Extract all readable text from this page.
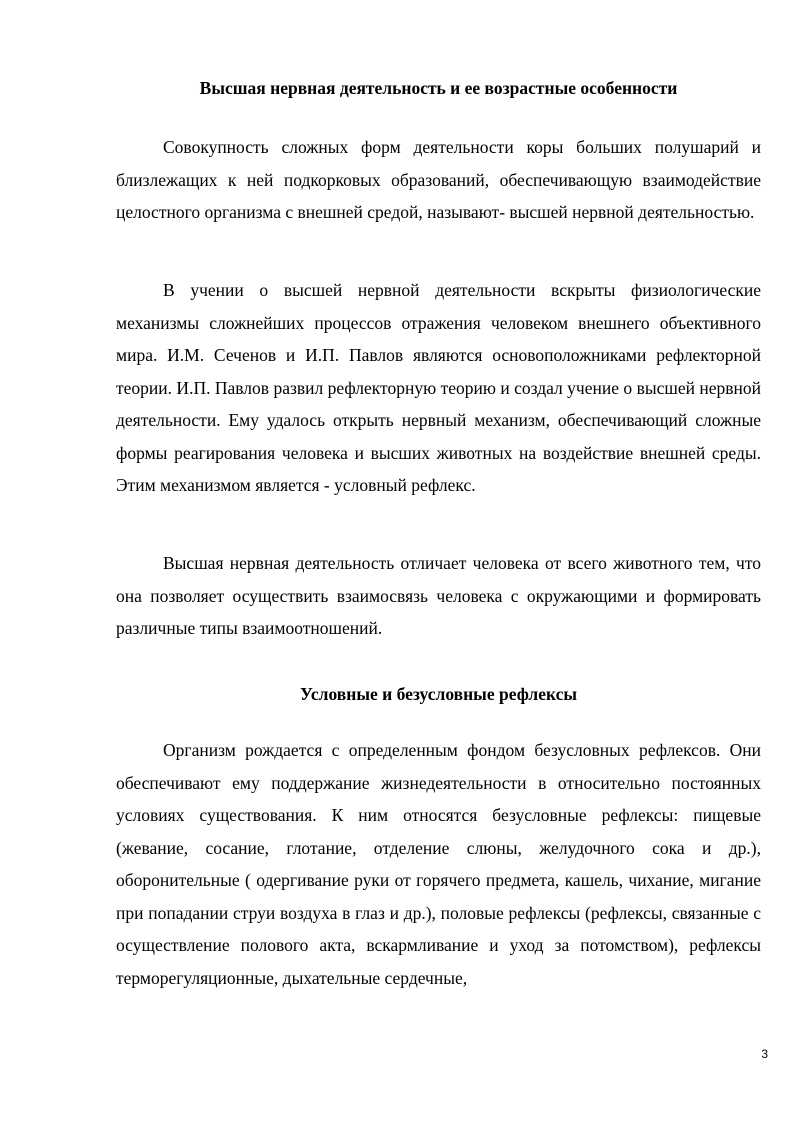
Высшая нервная деятельность и ее возрастные особенности

Совокупность сложных форм деятельности коры больших полушарий и близлежащих к ней подкорковых образований, обеспечивающую взаимодействие целостного организма с внешней средой, называют- высшей нервной деятельностью.

В учении о высшей нервной деятельности вскрыты физиологические механизмы сложнейших процессов отражения человеком внешнего объективного мира. И.М. Сеченов и И.П. Павлов являются основоположниками рефлекторной теории. И.П. Павлов развил рефлекторную теорию и создал учение о высшей нервной деятельности. Ему удалось открыть нервный механизм, обеспечивающий сложные формы реагирования человека и высших животных на воздействие внешней среды. Этим механизмом является - условный рефлекс.

Высшая нервная деятельность отличает человека от всего животного тем, что она позволяет осуществить взаимосвязь человека с окружающими и формировать различные типы взаимоотношений.

Условные и безусловные рефлексы

Организм рождается с определенным фондом безусловных рефлексов. Они обеспечивают ему поддержание жизнедеятельности в относительно постоянных условиях существования. К ним относятся безусловные рефлексы: пищевые (жевание, сосание, глотание, отделение слюны, желудочного сока и др.), оборонительные ( одергивание руки от горячего предмета, кашель, чихание, мигание при попадании струи воздуха в глаз и др.), половые рефлексы (рефлексы, связанные с осуществление полового акта, вскармливание и уход за потомством), рефлексы терморегуляционные, дыхательные сердечные,

3
